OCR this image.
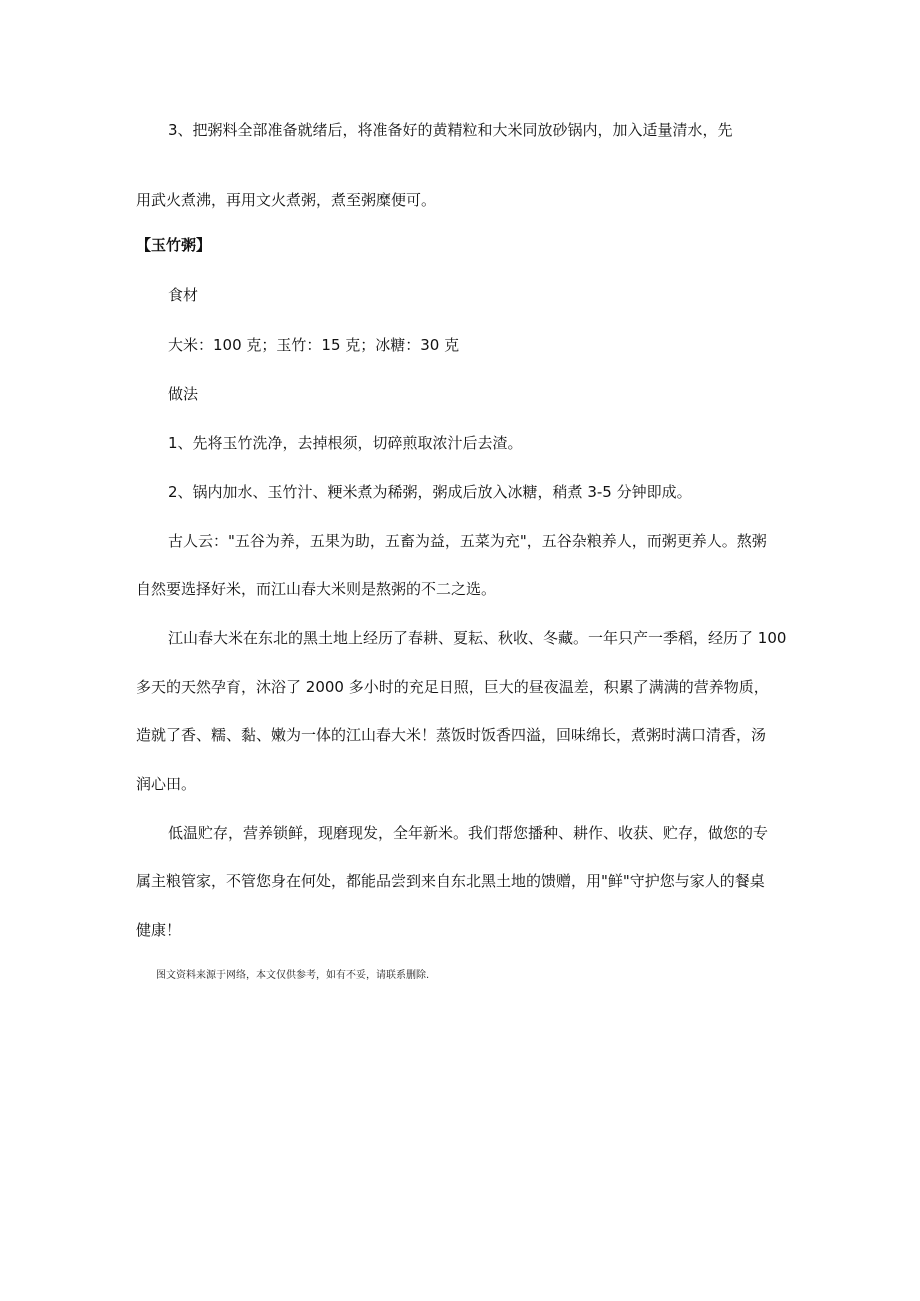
3、把粥料全部准备就绪后，将准备好的黄精粒和大米同放砂锅内，加入适量清水，先
用武火煮沸，再用文火煮粥，煮至粥糜便可。
【玉竹粥】
食材
大米：100 克；玉竹：15 克；冰糖：30 克
做法
1、先将玉竹洗净，去掉根须，切碎煎取浓汁后去渣。
2、锅内加水、玉竹汁、粳米煮为稀粥，粥成后放入冰糖，稍煮 3-5 分钟即成。
古人云："五谷为养，五果为助，五畜为益，五菜为充"，五谷杂粮养人，而粥更养人。熬粥
自然要选择好米，而江山春大米则是熬粥的不二之选。
江山春大米在东北的黑土地上经历了春耕、夏耘、秋收、冬藏。一年只产一季稻，经历了 100
多天的天然孕育，沐浴了 2000 多小时的充足日照，巨大的昼夜温差，积累了满满的营养物质，
造就了香、糯、黏、嫩为一体的江山春大米！蒸饭时饭香四溢，回味绵长，煮粥时满口清香，汤
润心田。
低温贮存，营养锁鲜，现磨现发，全年新米。我们帮您播种、耕作、收获、贮存，做您的专
属主粮管家，不管您身在何处，都能品尝到来自东北黑土地的馈赠，用"鲜"守护您与家人的餐桌
健康！
图文资料来源于网络，本文仅供参考，如有不妥，请联系删除.
